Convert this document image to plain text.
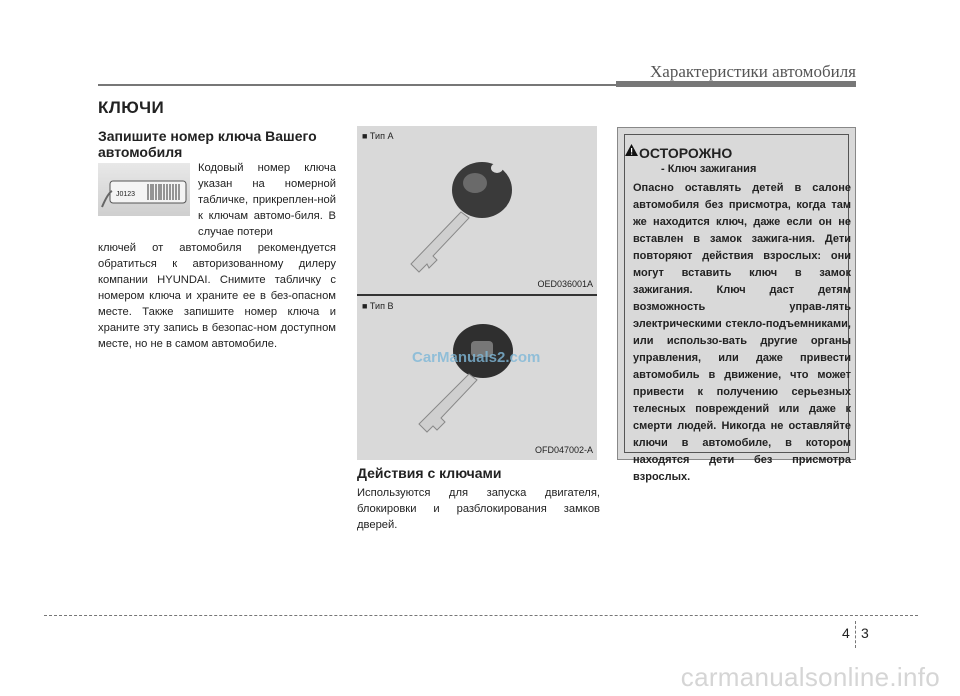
Характеристики автомобиля
КЛЮЧИ
Запишите номер ключа Вашего автомобиля
J0123

Кодовый номер ключа указан на номерной табличке, прикреплен-ной к ключам автомо-биля. В случае потери

ключей от автомобиля рекомендуется обратиться к авторизованному дилеру компании HYUNDAI. Снимите табличку с номером ключа и храните ее в без-опасном месте. Также запишите номер ключа и храните эту запись в безопас-ном доступном месте, но не в самом автомобиле.

■ Тип А
OED036001A
■ Тип В
OFD047002-A
CarManuals2.com
Действия с ключами

Используются для запуска двигателя, блокировки и разблокирования замков дверей.

ОСТОРОЖНО
- Ключ зажигания
Опасно оставлять детей в салоне автомобиля без присмотра, когда там же находится ключ, даже если он не вставлен в замок зажига-ния. Дети повторяют действия взрослых: они могут вставить ключ в замок зажигания. Ключ даст детям возможность управ-лять электрическими стекло-подъемниками, или использо-вать другие органы управления, или даже привести автомобиль в движение, что может привести к получению серьезных телесных повреждений или даже к смерти людей. Никогда не оставляйте ключи в автомобиле, в котором находятся дети без присмотра взрослых.
4 3
carmanualsonline.info
